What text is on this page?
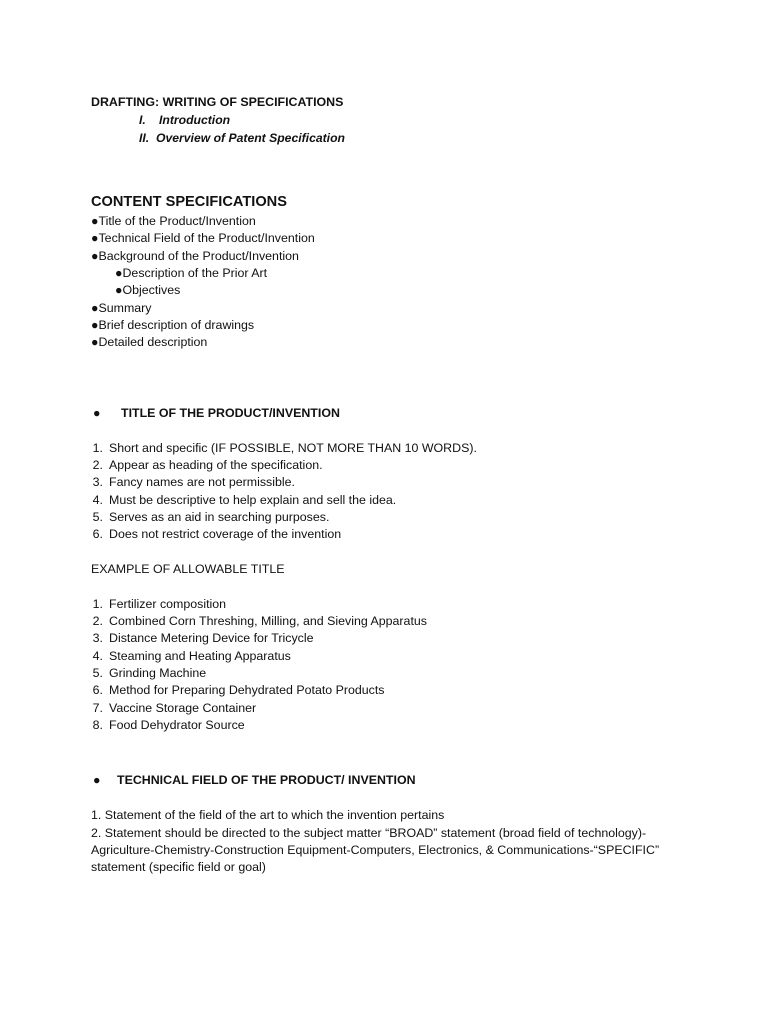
DRAFTING: WRITING OF SPECIFICATIONS
I. Introduction
II. Overview of Patent Specification
CONTENT SPECIFICATIONS
●Title of the Product/Invention
●Technical Field of the Product/Invention
●Background of the Product/Invention
●Description of the Prior Art
●Objectives
●Summary
●Brief description of drawings
●Detailed description
● TITLE OF THE PRODUCT/INVENTION
1. Short and specific (IF POSSIBLE, NOT MORE THAN 10 WORDS).
2. Appear as heading of the specification.
3. Fancy names are not permissible.
4. Must be descriptive to help explain and sell the idea.
5. Serves as an aid in searching purposes.
6. Does not restrict coverage of the invention
EXAMPLE OF ALLOWABLE TITLE
1. Fertilizer composition
2. Combined Corn Threshing, Milling, and Sieving Apparatus
3. Distance Metering Device for Tricycle
4. Steaming and Heating Apparatus
5. Grinding Machine
6. Method for Preparing Dehydrated Potato Products
7. Vaccine Storage Container
8. Food Dehydrator Source
● TECHNICAL FIELD OF THE PRODUCT/ INVENTION
1. Statement of the field of the art to which the invention pertains
2. Statement should be directed to the subject matter “BROAD” statement (broad field of technology)-Agriculture-Chemistry-Construction Equipment-Computers, Electronics, & Communications-“SPECIFIC” statement (specific field or goal)
